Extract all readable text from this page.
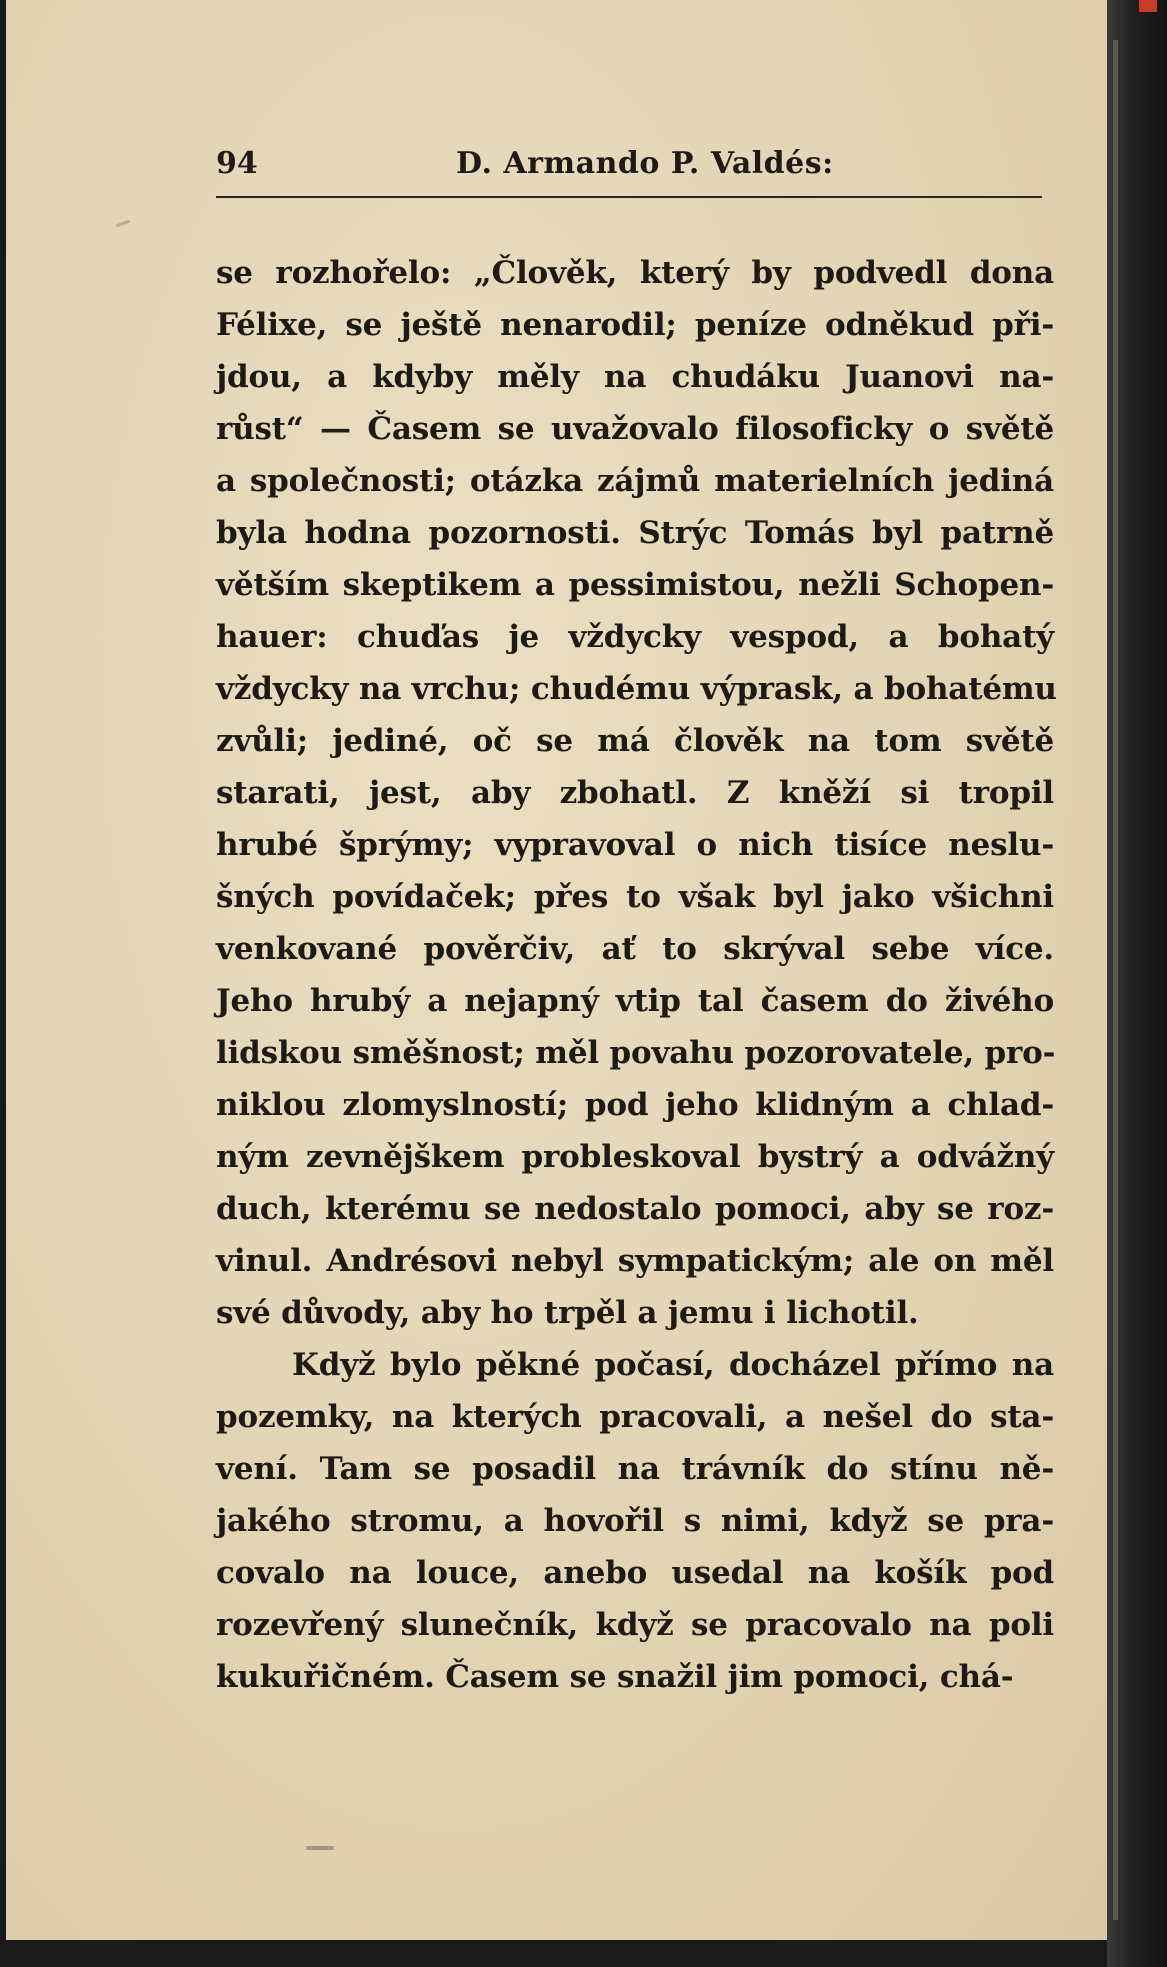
94	D. Armando P. Valdés:
se rozhořelo: „Člověk, který by podvedl dona
Félixe, se ještě nenarodil; peníze odněkud při-
jdou, a kdyby měly na chudáku Juanovi na-
růst“ — Časem se uvažovalo filosoficky o světě
a společnosti; otázka zájmů materielních jediná
byla hodna pozornosti. Strýc Tomás byl patrně
větším skeptikem a pessimistou, nežli Schopen-
hauer: chuďas je vždycky vespod, a bohatý
vždycky na vrchu; chudému výprask, a bohatému
zvůli; jediné, oč se má člověk na tom světě
starati, jest, aby zbohatl. Z kněží si tropil
hrubé šprýmy; vypravoval o nich tisíce neslu-
šných povídaček; přes to však byl jako všichni
venkované pověrčiv, ať to skrýval sebe více.
Jeho hrubý a nejapný vtip tal časem do živého
lidskou směšnost; měl povahu pozorovatele, pro-
niklou zlomyslností; pod jeho klidným a chlad-
ným zevnějškem probleskoval bystrý a odvážný
duch, kterému se nedostalo pomoci, aby se roz-
vinul. Andrésovi nebyl sympatickým; ale on měl
své důvody, aby ho trpěl a jemu i lichotil.
Když bylo pěkné počasí, docházel přímo na
pozemky, na kterých pracovali, a nešel do sta-
vení. Tam se posadil na trávník do stínu ně-
jakého stromu, a hovořil s nimi, když se pra-
covalo na louce, anebo usedal na košík pod
rozevřený slunečník, když se pracovalo na poli
kukuřičném. Časem se snažil jim pomoci, chá-
